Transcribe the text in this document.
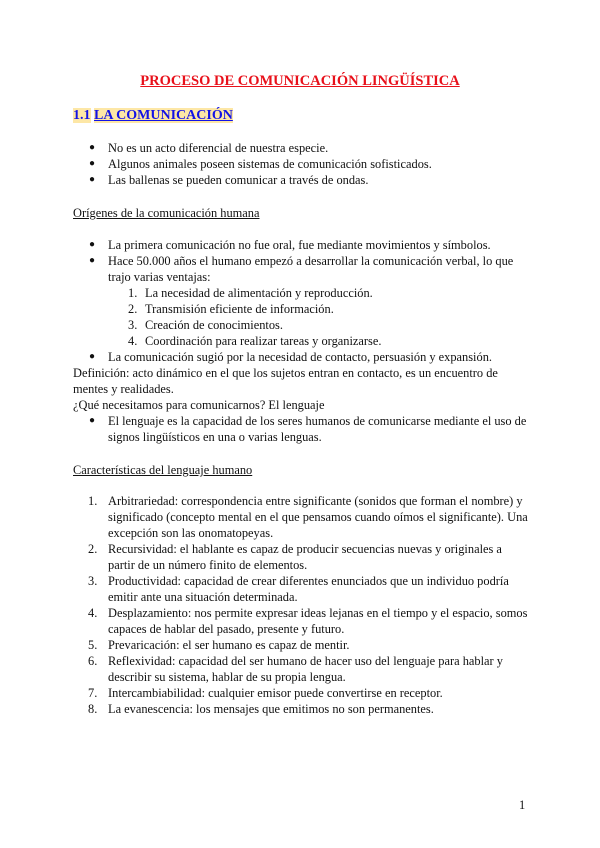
PROCESO DE COMUNICACIÓN LINGÜÍSTICA
1.1 LA COMUNICACIÓN
● No es un acto diferencial de nuestra especie.
● Algunos animales poseen sistemas de comunicación sofisticados.
● Las ballenas se pueden comunicar a través de ondas.
Orígenes de la comunicación humana
● La primera comunicación no fue oral, fue mediante movimientos y símbolos.
● Hace 50.000 años el humano empezó a desarrollar la comunicación verbal, lo que trajo varias ventajas:
1. La necesidad de alimentación y reproducción.
2. Transmisión eficiente de información.
3. Creación de conocimientos.
4. Coordinación para realizar tareas y organizarse.
● La comunicación sugió por la necesidad de contacto, persuasión y expansión.
Definición: acto dinámico en el que los sujetos entran en contacto, es un encuentro de mentes y realidades.
¿Qué necesitamos para comunicarnos? El lenguaje
● El lenguaje es la capacidad de los seres humanos de comunicarse mediante el uso de signos lingüísticos en una o varias lenguas.
Características del lenguaje humano
1. Arbitrariedad: correspondencia entre significante (sonidos que forman el nombre) y significado (concepto mental en el que pensamos cuando oímos el significante). Una excepción son las onomatopeyas.
2. Recursividad: el hablante es capaz de producir secuencias nuevas y originales a partir de un número finito de elementos.
3. Productividad: capacidad de crear diferentes enunciados que un individuo podría emitir ante una situación determinada.
4. Desplazamiento: nos permite expresar ideas lejanas en el tiempo y el espacio, somos capaces de hablar del pasado, presente y futuro.
5. Prevaricación: el ser humano es capaz de mentir.
6. Reflexividad: capacidad del ser humano de hacer uso del lenguaje para hablar y describir su sistema, hablar de su propia lengua.
7. Intercambiabilidad: cualquier emisor puede convertirse en receptor.
8. La evanescencia: los mensajes que emitimos no son permanentes.
1
